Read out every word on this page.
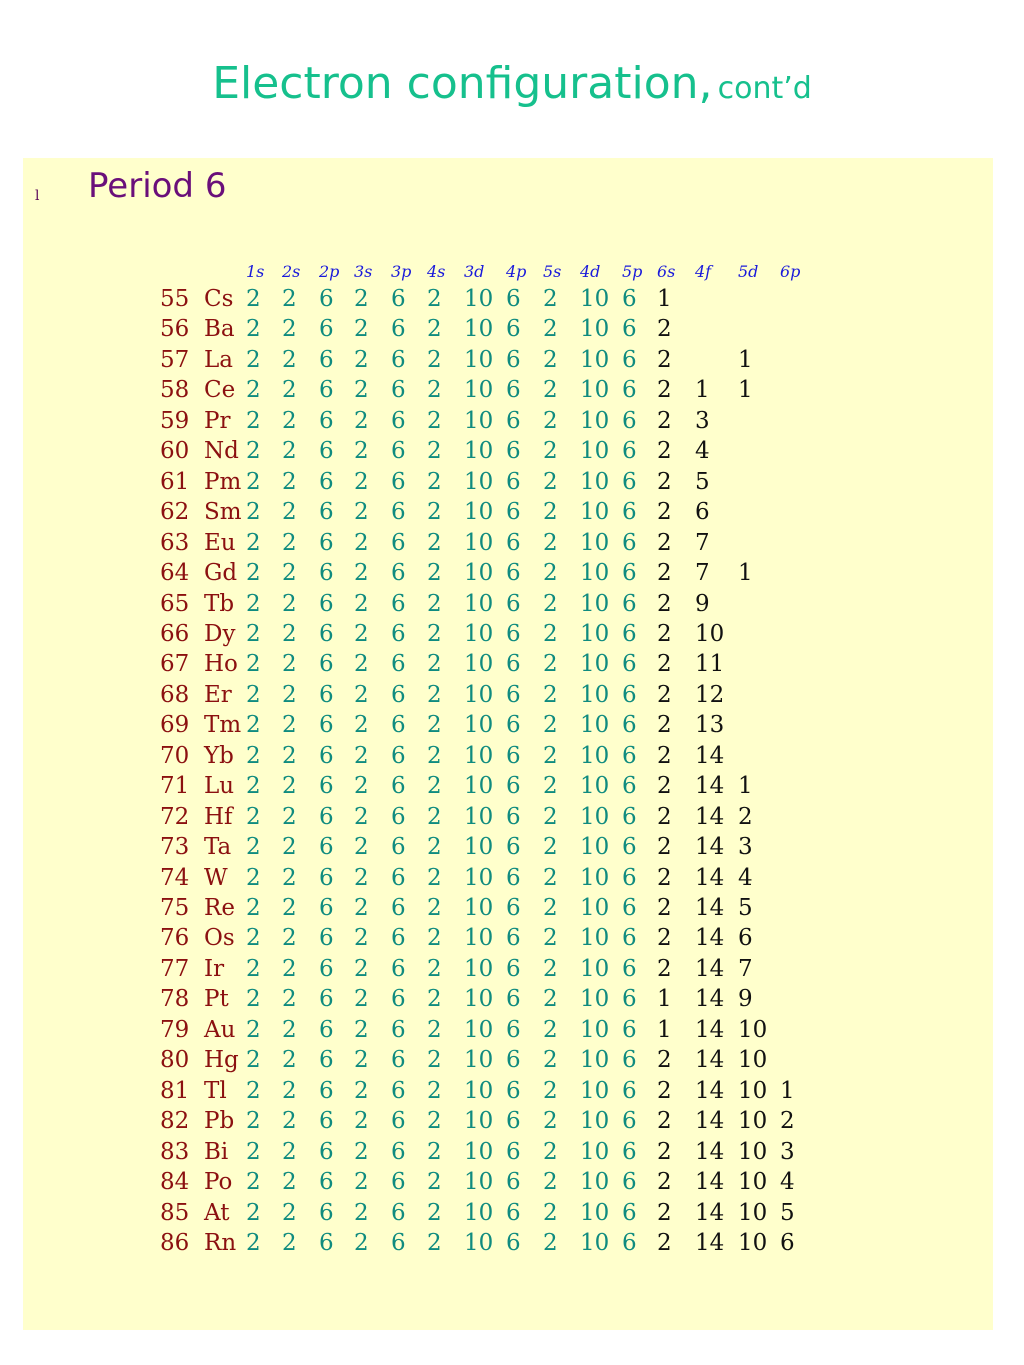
Electron configuration, cont’d
l Period 6
1s 2s 2p 3s 3p 4s 3d 4p 5s 4d 5p 6s 4f 5d 6p
55 Cs 2 2 6 2 6 2 10 6 2 10 6 1
56 Ba 2 2 6 2 6 2 10 6 2 10 6 2
57 La 2 2 6 2 6 2 10 6 2 10 6 2	1
58 Ce 2 2 6 2 6 2 10 6 2 10 6 2 1 1
59 Pr 2 2 6 2 6 2 10 6 2 10 6 2 3
60 Nd 2 2 6 2 6 2 10 6 2 10 6 2 4
61 Pm 2 2 6 2 6 2 10 6 2 10 6 2 5
62 Sm 2 2 6 2 6 2 10 6 2 10 6 2 6
63 Eu 2 2 6 2 6 2 10 6 2 10 6 2 7
64 Gd 2 2 6 2 6 2 10 6 2 10 6 2 7 1
65 Tb 2 2 6 2 6 2 10 6 2 10 6 2 9
66 Dy 2 2 6 2 6 2 10 6 2 10 6 2 10
67 Ho 2 2 6 2 6 2 10 6 2 10 6 2 11
68 Er 2 2 6 2 6 2 10 6 2 10 6 2 12
69 Tm 2 2 6 2 6 2 10 6 2 10 6 2 13
70 Yb 2 2 6 2 6 2 10 6 2 10 6 2 14
71 Lu 2 2 6 2 6 2 10 6 2 10 6 2 14 1
72 Hf 2 2 6 2 6 2 10 6 2 10 6 2 14 2
73 Ta 2 2 6 2 6 2 10 6 2 10 6 2 14 3
74 W 2 2 6 2 6 2 10 6 2 10 6 2 14 4
75 Re 2 2 6 2 6 2 10 6 2 10 6 2 14 5
76 Os 2 2 6 2 6 2 10 6 2 10 6 2 14 6
77 Ir 2 2 6 2 6 2 10 6 2 10 6 2 14 7
78 Pt 2 2 6 2 6 2 10 6 2 10 6 1 14 9
79 Au 2 2 6 2 6 2 10 6 2 10 6 1 14 10
80 Hg 2 2 6 2 6 2 10 6 2 10 6 2 14 10
81 Tl 2 2 6 2 6 2 10 6 2 10 6 2 14 10 1
82 Pb 2 2 6 2 6 2 10 6 2 10 6 2 14 10 2
83 Bi 2 2 6 2 6 2 10 6 2 10 6 2 14 10 3
84 Po 2 2 6 2 6 2 10 6 2 10 6 2 14 10 4
85 At 2 2 6 2 6 2 10 6 2 10 6 2 14 10 5
86 Rn 2 2 6 2 6 2 10 6 2 10 6 2 14 10 6
